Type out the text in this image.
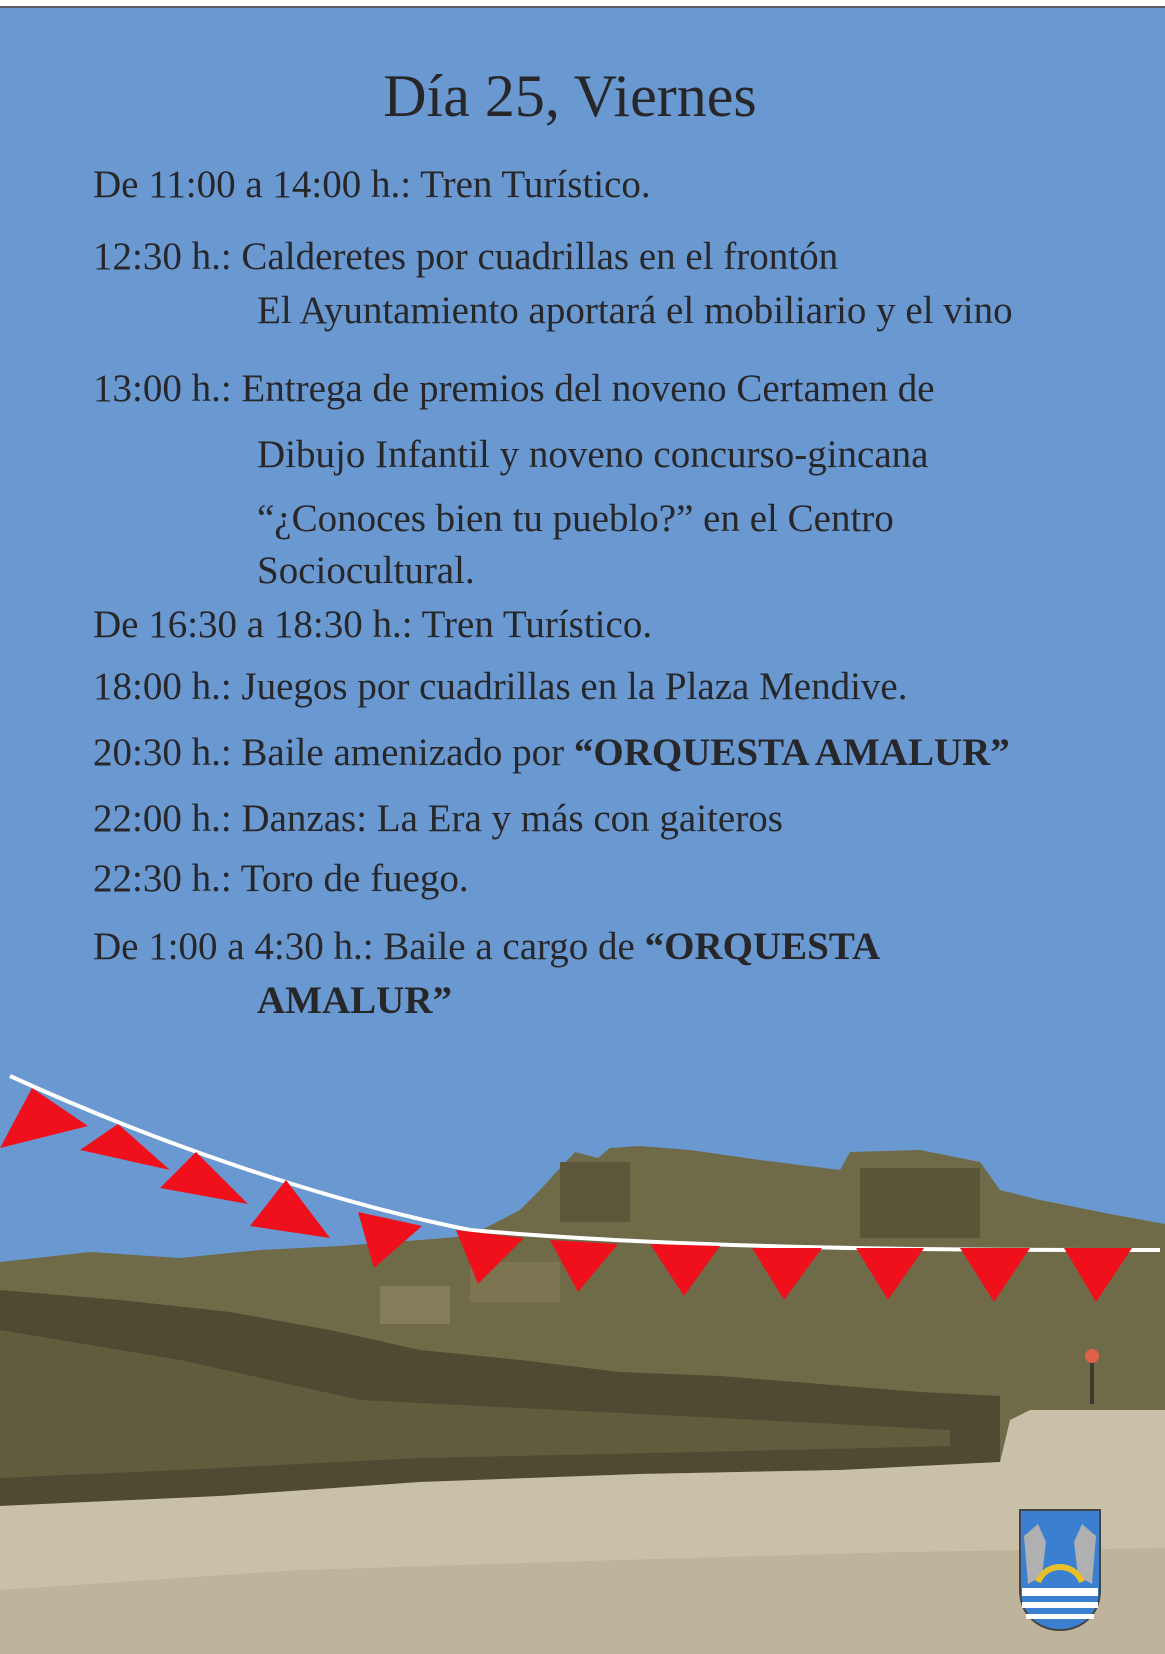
Día 25, Viernes
De 11:00 a 14:00 h.: Tren Turístico.
12:30 h.: Calderetes por cuadrillas en el frontón
El Ayuntamiento aportará el mobiliario y el vino
13:00 h.: Entrega de premios del noveno Certamen de
Dibujo Infantil y noveno concurso-gincana
“¿Conoces bien tu pueblo?” en el Centro
Sociocultural.
De 16:30 a 18:30 h.: Tren Turístico.
18:00 h.: Juegos por cuadrillas en la Plaza Mendive.
20:30 h.: Baile amenizado por “ORQUESTA AMALUR”
22:00 h.: Danzas: La Era y más con gaiteros
22:30 h.: Toro de fuego.
De 1:00 a 4:30 h.: Baile a cargo de “ORQUESTA
AMALUR”
